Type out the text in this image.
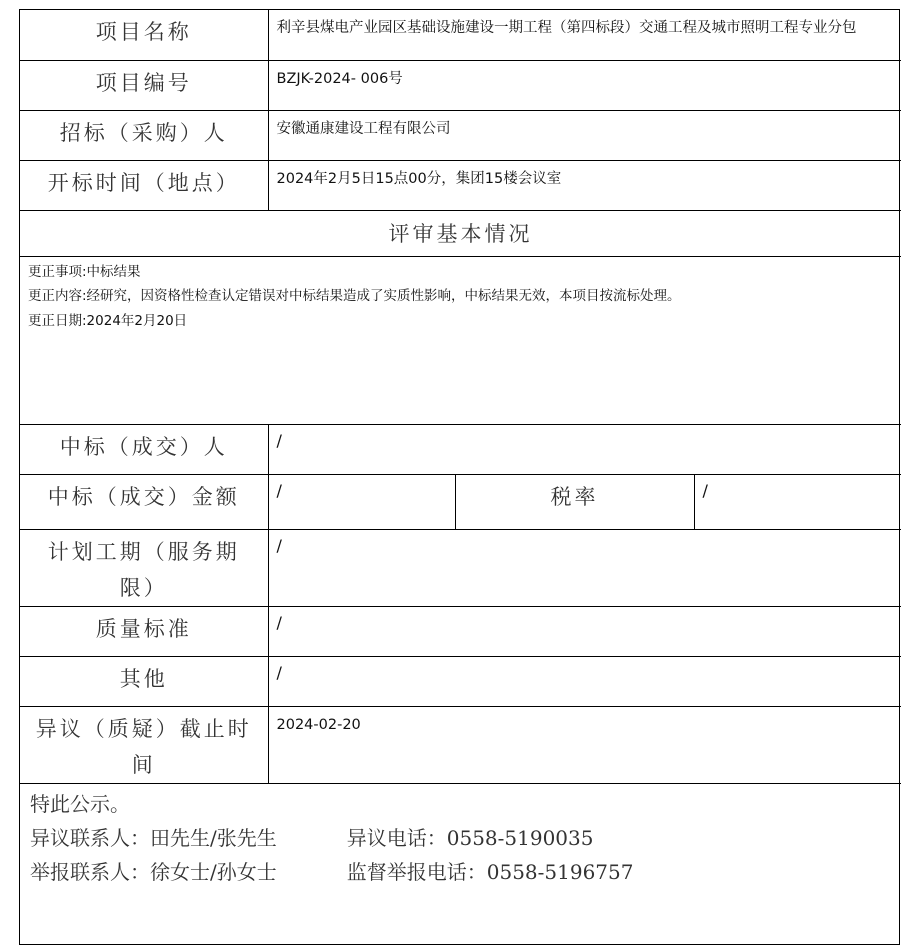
项目名称	利辛县煤电产业园区基础设施建设一期工程（第四标段）交通工程及城市照明工程专业分包		
项目编号	BZJK-2024- 006号		
招标（采购）人	安徽通康建设工程有限公司		
开标时间（地点）	2024年2月5日15点00分，集团15楼会议室		
评审基本情况			

更正事项:中标结果
更正内容:经研究，因资格性检查认定错误对中标结果造成了实质性影响，中标结果无效，本项目按流标处理。
更正日期:2024年2月20日			

中标（成交）人	/		
中标（成交）金额	/	税率	/
计划工期（服务期限）	/		
质量标准	/		
其他	/		
异议（质疑）截止时间	2024-02-20		

特此公示。
异议联系人：田先生/张先生 异议电话：0558-5190035
举报联系人：徐女士/孙女士 监督举报电话：0558-5196757			
